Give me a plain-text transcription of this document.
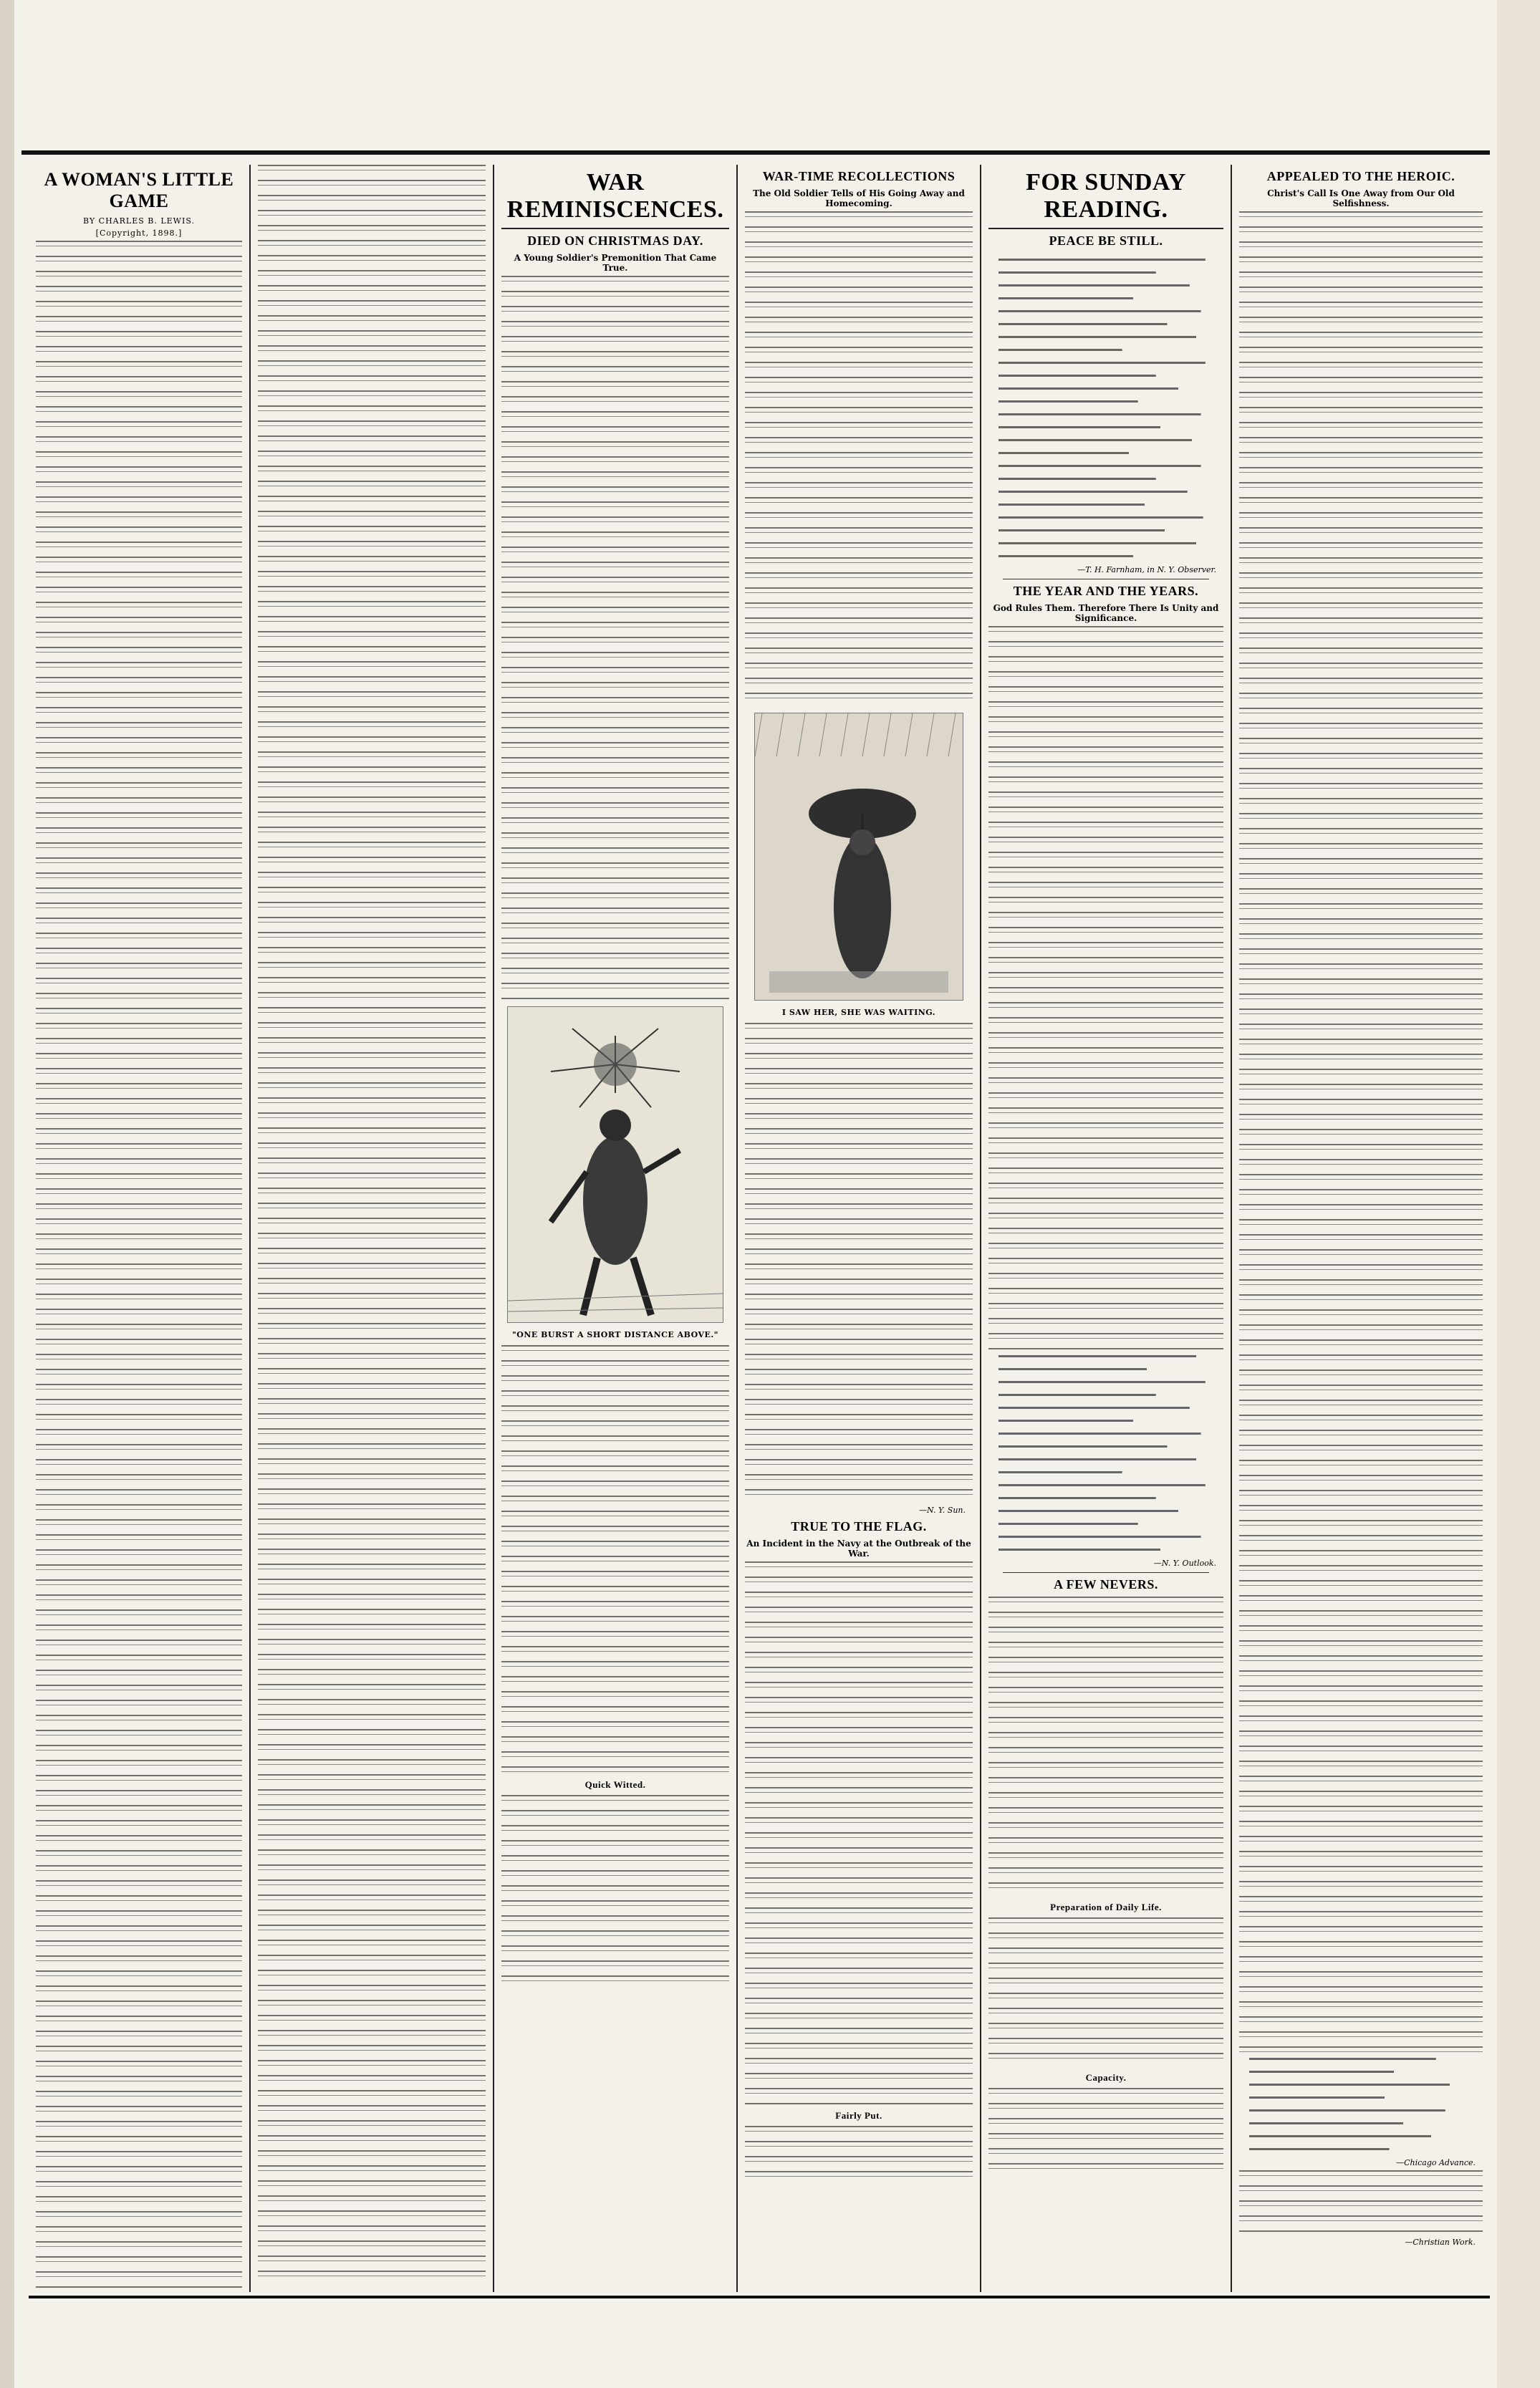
A WOMAN'S LITTLE GAME
BY CHARLES B. LEWIS.
[Copyright, 1898.]
WAR REMINISCENCES.
DIED ON CHRISTMAS DAY.
A Young Soldier's Premonition That Came True.
"ONE BURST A SHORT DISTANCE ABOVE."
Quick Witted.
WAR-TIME RECOLLECTIONS
The Old Soldier Tells of His Going Away and Homecoming.
I SAW HER, SHE WAS WAITING.
—N. Y. Sun.
TRUE TO THE FLAG.
An Incident in the Navy at the Outbreak of the War.
Fairly Put.
FOR SUNDAY READING.
PEACE BE STILL.
—T. H. Farnham, in N. Y. Observer.
THE YEAR AND THE YEARS.
God Rules Them. Therefore There Is Unity and Significance.
—N. Y. Outlook.
A FEW NEVERS.
Preparation of Daily Life.
Capacity.
APPEALED TO THE HEROIC.
Christ's Call Is One Away from Our Old Selfishness.
—Chicago Advance.
—Christian Work.
